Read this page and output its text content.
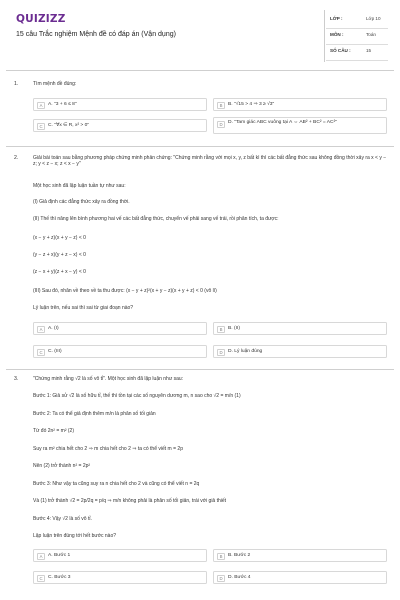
QUIZIZZ
15 câu Trắc nghiệm Mệnh đề có đáp án (Vận dụng)
LỚP :	Lớp 10
MÔN :	Toán
SỐ CÂU :	15
1.	Tìm mệnh đề đúng:
A	A. "3 + 6 ≤ 8"	B	B. "√15 > 4 ⇒ 3 ≥ √3"
C	C. "∀x ∈ R, x² > 0"	D	D. "Tam giác ABC vuông tại A ⇔ AB² + BC² = AC²"
2.	Giải bài toán sau bằng phương pháp chứng minh phản chứng: "Chứng minh rằng với mọi x, y, z bất kì thì các bất đẳng thức sau không đồng thời xảy ra x < y − z; y < z − x; z < x − y"
Một học sinh đã lập luận tuần tự như sau:
(I) Giả định các đẳng thức xảy ra đồng thời.
(II) Thế thì nâng lên bình phương hai vế các bất đẳng thức, chuyển vế phải sang vế trái, rồi phân tích, ta được:
(x − y + z)(x + y − z) < 0
(y − z + x)(y + z − x) < 0
(z − x + y)(z + x − y) < 0
(III) Sau đó, nhân về theo về ta thu được: (x − y + z)²(x + y − z)(x + y + z) < 0 (vô lí)
Lý luận trên, nếu sai thì sai từ giai đoạn nào?
A	A. (I)	B	B. (II)
C	C. (III)	D	D. Lý luận đúng
3.	"Chứng minh rằng √2 là số vô tỉ". Một học sinh đã lập luận như sau:
Bước 1: Giả sử √2 là số hữu tỉ, thế thì tồn tại các số nguyên dương m, n sao cho √2 = m/n (1)
Bước 2: Ta có thể giả định thêm m/n là phân số tối giản
Từ đó 2n² = m² (2)
Suy ra m² chia hết cho 2 ⇒ m chia hết cho 2 ⇒ ta có thể viết m = 2p
Nên (2) trở thành n² = 2p²
Bước 3: Như vậy ta cũng suy ra n chia hết cho 2 và cũng có thể viết n = 2q
Và (1) trở thành √2 = 2p/2q = p/q ⇒ m/n không phải là phân số tối giản, trái với giả thiết
Bước 4: Vậy √2 là số vô tỉ.
Lập luận trên đúng tới hết bước nào?
A	A. Bước 1	B	B. Bước 2
C	C. Bước 3	D	D. Bước 4
